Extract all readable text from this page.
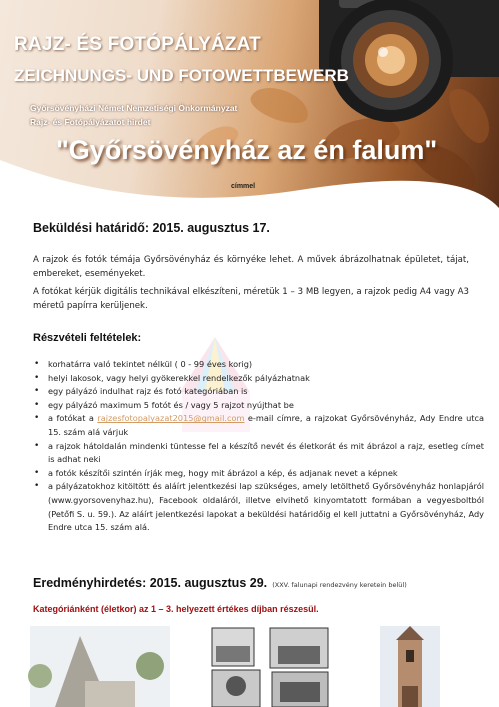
RAJZ- ÉS FOTÓPÁLYÁZAT
ZEICHNUNGS- UND FOTOWETTBEWERB
Győrsövényházi Német Nemzetiségi Önkormányzat
Rajz- és Fotópályázatot hirdet
"Győrsövényház az én falum"
címmel
Beküldési határidő: 2015. augusztus 17.
A rajzok és fotók témája Győrsövényház és környéke lehet. A művek ábrázolhatnak épületet, tájat, embereket, eseményeket.
A fotókat kérjük digitális technikával elkészíteni, méretük 1 – 3 MB legyen, a rajzok pedig A4 vagy A3 méretű papírra kerüljenek.
Részvételi feltételek:
• korhatárra való tekintet nélkül ( 0 - 99 éves korig)
• helyi lakosok, vagy helyi gyökerekkel rendelkezők pályázhatnak
• egy pályázó indulhat rajz és fotó kategóriában is
• egy pályázó maximum 5 fotót és / vagy 5 rajzot nyújthat be
• a fotókat a rajzesfotopalyazat2015@gmail.com e-mail címre, a rajzokat Győrsövényház, Ady Endre utca 15. szám alá várjuk
• a rajzok hátoldalán mindenki tüntesse fel a készítő nevét és életkorát és mit ábrázol a rajz, esetleg címet is adhat neki
• a fotók készítői szintén írják meg, hogy mit ábrázol a kép, és adjanak nevet a képnek
• a pályázatokhoz kitöltött és aláírt jelentkezési lap szükséges, amely letölthető Győrsövényház honlapjáról (www.gyorsovenyhaz.hu), Facebook oldaláról, illetve elvihető kinyomtatott formában a vegyesboltból (Petőfi S. u. 59.). Az aláírt jelentkezési lapokat a beküldési határidőig el kell juttatni a Győrsövényház, Ady Endre utca 15. szám alá.
Eredményhirdetés: 2015. augusztus 29. (XXV. falunapi rendezvény keretein belül)
Kategóriánként (életkor) az 1 – 3. helyezett értékes díjban részesül.
